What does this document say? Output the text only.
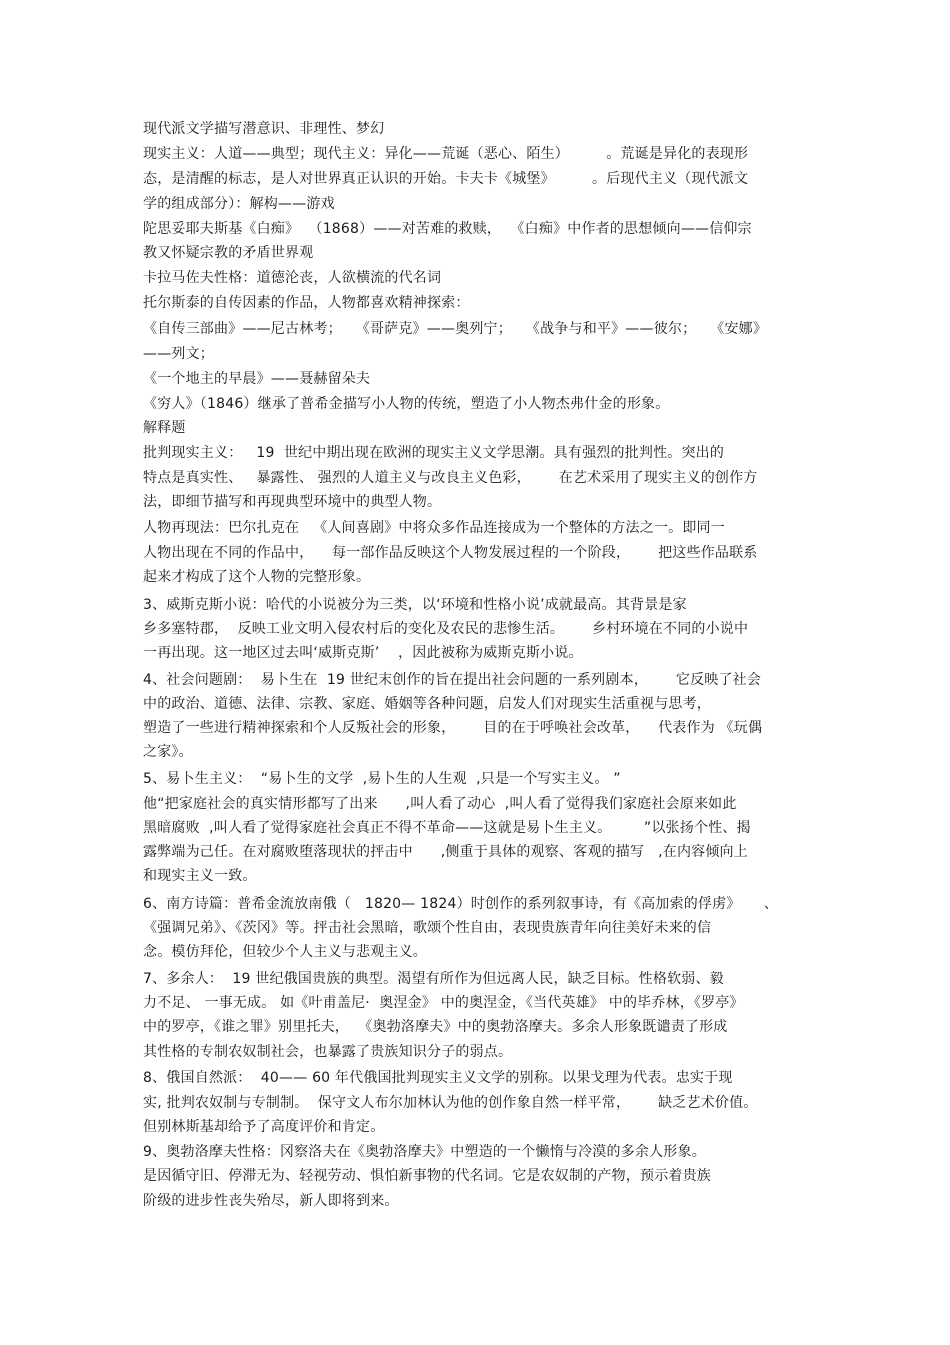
现代派文学描写潜意识、非理性、梦幻
现实主义：人道——典型；现代主义：异化——荒诞（恶心、陌生）        。荒诞是异化的表现形
态，是清醒的标志，是人对世界真正认识的开始。卡夫卡《城堡》        。后现代主义（现代派文
学的组成部分）：解构——游戏
陀思妥耶夫斯基《白痴》  （1868）——对苦难的救赎，  《白痴》中作者的思想倾向——信仰宗
教又怀疑宗教的矛盾世界观
卡拉马佐夫性格：道德沦丧，人欲横流的代名词
托尔斯泰的自传因素的作品，人物都喜欢精神探索：
《自传三部曲》——尼古林考；   《哥萨克》——奥列宁；   《战争与和平》——彼尔；   《安娜》
——列文；
《一个地主的早晨》——聂赫留朵夫
《穷人》（1846）继承了普希金描写小人物的传统，塑造了小人物杰弗什金的形象。
解释题
批判现实主义：   19  世纪中期出现在欧洲的现实主义文学思潮。具有强烈的批判性。突出的
特点是真实性、   暴露性、 强烈的人道主义与改良主义色彩，      在艺术采用了现实主义的创作方
法，即细节描写和再现典型环境中的典型人物。
人物再现法：巴尔扎克在   《人间喜剧》中将众多作品连接成为一个整体的方法之一。即同一
人物出现在不同的作品中，    每一部作品反映这个人物发展过程的一个阶段，      把这些作品联系
起来才构成了这个人物的完整形象。
3、威斯克斯小说：哈代的小说被分为三类，以‘环境和性格小说’成就最高。其背景是家
乡多塞特郡，  反映工业文明入侵农村后的变化及农民的悲惨生活。      乡村环境在不同的小说中
一再出现。这一地区过去叫‘威斯克斯’    ，因此被称为威斯克斯小说。
4、社会问题剧：  易卜生在  19 世纪末创作的旨在提出社会问题的一系列剧本，      它反映了社会
中的政治、道德、法律、宗教、家庭、婚姻等各种问题，启发人们对现实生活重视与思考，
塑造了一些进行精神探索和个人反叛社会的形象，      目的在于呼唤社会改革，    代表作为 《玩偶
之家》。
5、易卜生主义：  “易卜生的文学  ,易卜生的人生观  ,只是一个写实主义。 ”
他“把家庭社会的真实情形都写了出来      ,叫人看了动心  ,叫人看了觉得我们家庭社会原来如此
黑暗腐败  ,叫人看了觉得家庭社会真正不得不革命——这就是易卜生主义。       ”以张扬个性、揭
露弊端为己任。在对腐败堕落现状的抨击中      ,侧重于具体的观察、客观的描写   ,在内容倾向上
和现实主义一致。
6、南方诗篇：普希金流放南俄（   1820— 1824）时创作的系列叙事诗，有《高加索的俘虏》     、
《强调兄弟》、《茨冈》等。抨击社会黑暗，歌颂个性自由，表现贵族青年向往美好未来的信
念。模仿拜伦，但较少个人主义与悲观主义。
7、多余人：  19 世纪俄国贵族的典型。渴望有所作为但远离人民，缺乏目标。性格软弱、毅
力不足、 一事无成。 如《叶甫盖尼·  奥涅金》 中的奥涅金，《当代英雄》 中的毕乔林，《罗亭》
中的罗亭，《谁之罪》别里托夫，  《奥勃洛摩夫》中的奥勃洛摩夫。多余人形象既谴责了形成
其性格的专制农奴制社会，也暴露了贵族知识分子的弱点。
8、俄国自然派：  40—— 60 年代俄国批判现实主义文学的别称。以果戈理为代表。忠实于现
实, 批判农奴制与专制制。  保守文人布尔加林认为他的创作象自然一样平常，      缺乏艺术价值。
但别林斯基却给予了高度评价和肯定。
9、奥勃洛摩夫性格：冈察洛夫在《奥勃洛摩夫》中塑造的一个懒惰与冷漠的多余人形象。
是因循守旧、停滞无为、轻视劳动、惧怕新事物的代名词。它是农奴制的产物，预示着贵族
阶级的进步性丧失殆尽，新人即将到来。
